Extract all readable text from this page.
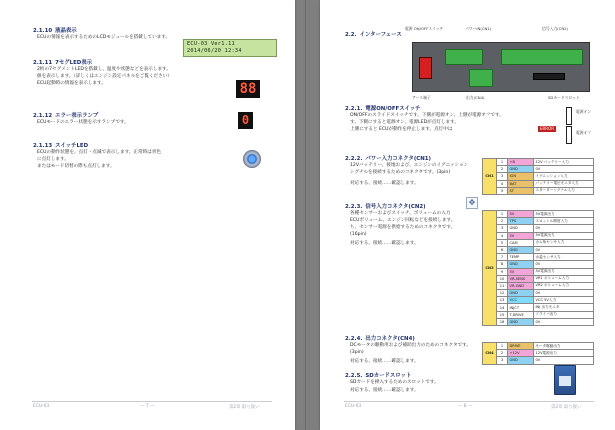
2.1.10 液晶表示
ECUの情報を表示するためのLCDモジュールを搭載しています。
ECU-03 Ver1.11
2014/06/20 12:34
2.1.11 7セグLED表示
2桁の7セグメントLEDを搭載し、温度や状態などを表示します。
値を表示します。（詳しくはエンジン設定パネルをご覧ください）
ECU起動時の情報を表示します。	88
2.1.12 エラー表示ランプ
ECUモードのエラー状態を示すランプです。	0
2.1.13 スイッチLED
ECUの動作状態を、点灯・点滅で表示します。正常時は青色
に点灯します。
またはモード切替の際も点灯します。
ECU-03	— 7 —	第2章 取り扱い
2.2. インターフェース
電源 ON/OFFスイッチ	パワーIN(CN1)	信号入力(CN2)
アース端子	出力(CN4)	SDカードスロット
2.2.1. 電源ON/OFFスイッチ
ON/OFFのスライドスイッチです。下側が電源オン、上側が電源オフです。
す。下側にすると電源オン、電源LEDが点灯します。
上側にすると ECUが動作を停止します。点灯中は	ERROR
電源オン
電源オフ
2.2.2. パワー入力コネクタ(CN1)
12Vバッテリー、接地および、エンジンのイグニッション
シグナルを接続するためのコネクタです。(3pin)
対応する、接続……確認します。
CN1	1	+B	12V バッテリー入力
	2	GND	0V
	3	IGN	イグニッション入力
	4	BAT	バッテリー電圧モニタ入力
	5	ST	スターターシグナル入力
✥
2.2.3. 信号入力コネクタ(CN2)
各種センサーおよびスイッチ、ボリュームの入力
ECUボリューム、エンジン回転などを接続します。
ち、センサー電源を供給するためのコネクタです。
(16pin)
対応する、接続……確認します。
CN2	1	5V	5V電源出力
	2	TPS	スロットル開度入力
	3	GND	0V
	4	5V	5V電源出力
	5	CAM	カム角センサ入力
	6	GND	0V
	7	TEMP	水温センサ入力
	8	GND	0V
	9	5V	5V電源出力
	10	VR-SENS	VR1 ボリューム入力
	11	VR-GND	VR2 ボリューム入力
	12	GND	0V
	13	VCC	VCC 5V入力
	14	INJCT	INJ 出力モニタ
	15	T-DRIVE	ドライバ出力
	16	GND	0V
2.2.4. 出力コネクタ(CN4)
DCモータの駆動用および補助出力のためのコネクタです。
(3pin)
対応する、接続……確認します。
CN4	1	DRIVE	モータ駆動出力
	2	+12V	12V電源出力
	3	GND	0V
2.2.5. SDカードスロット
SDカードを挿入するためのスロットです。
対応する、接続……確認します。
ECU-03	— 8 —	第2章 取り扱い
